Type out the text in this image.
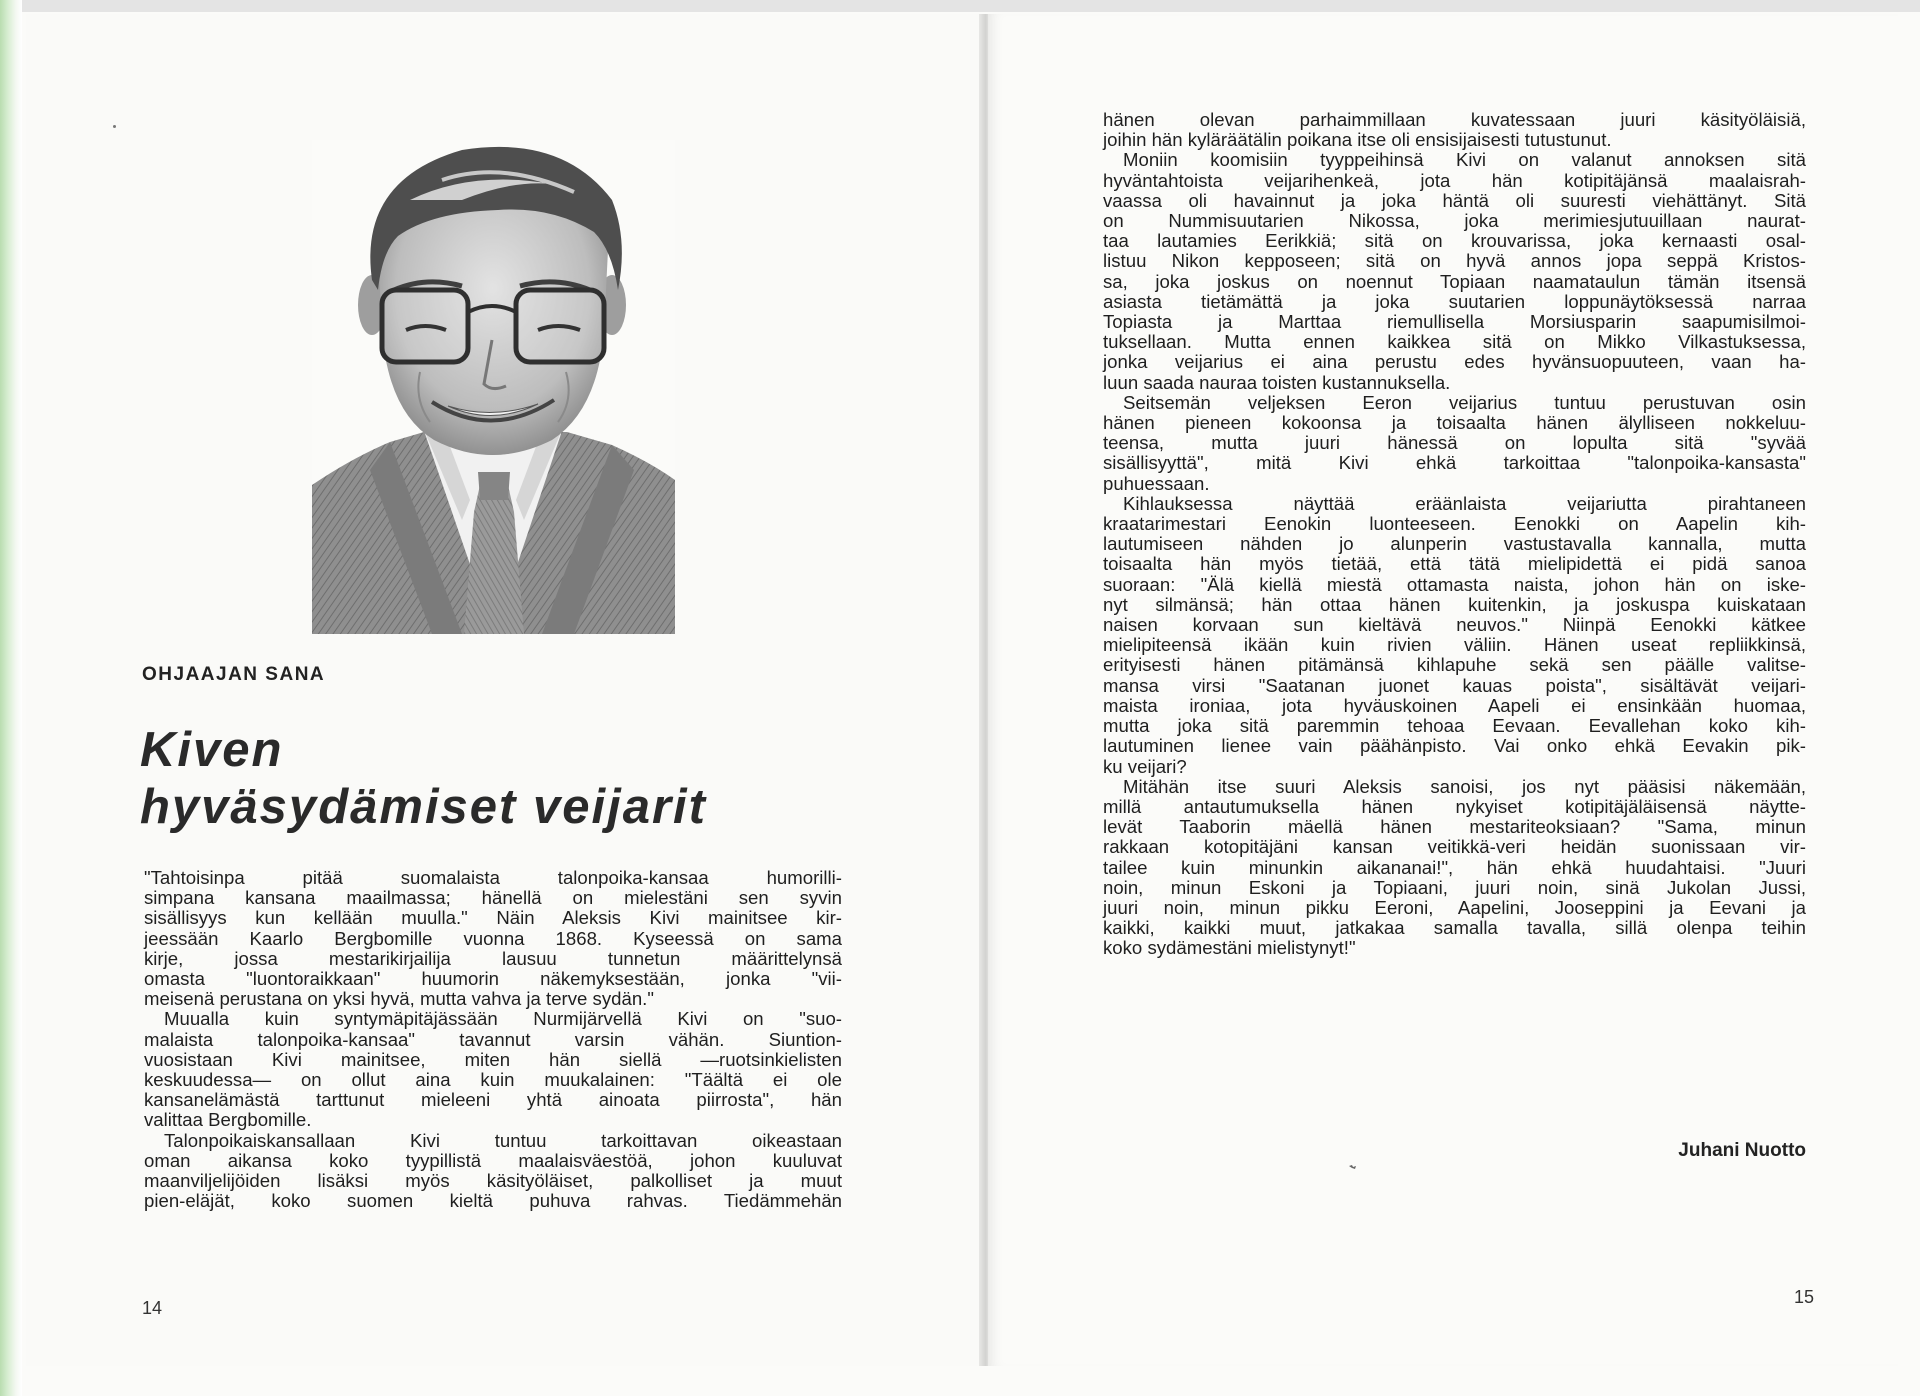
OHJAAJAN SANA

Kiven
hyväsydämiset veijarit

"Tahtoisinpa pitää suomalaista talonpoika-kansaa humorilli-

simpana kansana maailmassa; hänellä on mielestäni sen syvin

sisällisyys kun kellään muulla." Näin Aleksis Kivi mainitsee kir-

jeessään Kaarlo Bergbomille vuonna 1868. Kyseessä on sama

kirje, jossa mestarikirjailija lausuu tunnetun määrittelynsä

omasta "luontoraikkaan" huumorin näkemyksestään, jonka "vii-

meisenä perustana on yksi hyvä, mutta vahva ja terve sydän."

Muualla kuin syntymäpitäjässään Nurmijärvellä Kivi on "suo-

malaista talonpoika-kansaa" tavannut varsin vähän. Siuntion-

vuosistaan Kivi mainitsee, miten hän siellä —ruotsinkielisten

keskuudessa— on ollut aina kuin muukalainen: "Täältä ei ole

kansanelämästä tarttunut mieleeni yhtä ainoata piirrosta", hän

valittaa Bergbomille.

Talonpoikaiskansallaan Kivi tuntuu tarkoittavan oikeastaan

oman aikansa koko tyypillistä maalaisväestöä, johon kuuluvat

maanviljelijöiden lisäksi myös käsityöläiset, palkolliset ja muut

pien-eläjät, koko suomen kieltä puhuva rahvas. Tiedämmehän

14

hänen olevan parhaimmillaan kuvatessaan juuri käsityöläisiä,

joihin hän kyläräätälin poikana itse oli ensisijaisesti tutustunut.

Moniin koomisiin tyyppeihinsä Kivi on valanut annoksen sitä

hyväntahtoista veijarihenkeä, jota hän kotipitäjänsä maalaisrah-

vaassa oli havainnut ja joka häntä oli suuresti viehättänyt. Sitä

on Nummisuutarien Nikossa, joka merimiesjutuuillaan naurat-

taa lautamies Eerikkiä; sitä on krouvarissa, joka kernaasti osal-

listuu Nikon kepposeen; sitä on hyvä annos jopa seppä Kristos-

sa, joka joskus on noennut Topiaan naamataulun tämän itsensä

asiasta tietämättä ja joka suutarien loppunäytöksessä narraa

Topiasta ja Marttaa riemullisella Morsiusparin saapumisilmoi-

tuksellaan. Mutta ennen kaikkea sitä on Mikko Vilkastuksessa,

jonka veijarius ei aina perustu edes hyvänsuopuuteen, vaan ha-

luun saada nauraa toisten kustannuksella.

Seitsemän veljeksen Eeron veijarius tuntuu perustuvan osin

hänen pieneen kokoonsa ja toisaalta hänen älylliseen nokkeluu-

teensa, mutta juuri hänessä on lopulta sitä "syvää

sisällisyyttä", mitä Kivi ehkä tarkoittaa "talonpoika-kansasta"

puhuessaan.

Kihlauksessa näyttää eräänlaista veijariutta pirahtaneen

kraatarimestari Eenokin luonteeseen. Eenokki on Aapelin kih-

lautumiseen nähden jo alunperin vastustavalla kannalla, mutta

toisaalta hän myös tietää, että tätä mielipidettä ei pidä sanoa

suoraan: "Älä kiellä miestä ottamasta naista, johon hän on iske-

nyt silmänsä; hän ottaa hänen kuitenkin, ja joskuspa kuiskataan

naisen korvaan sun kieltävä neuvos." Niinpä Eenokki kätkee

mielipiteensä ikään kuin rivien väliin. Hänen useat repliikkinsä,

erityisesti hänen pitämänsä kihlapuhe sekä sen päälle valitse-

mansa virsi "Saatanan juonet kauas poista", sisältävät veijari-

maista ironiaa, jota hyväuskoinen Aapeli ei ensinkään huomaa,

mutta joka sitä paremmin tehoaa Eevaan. Eevallehan koko kih-

lautuminen lienee vain päähänpisto. Vai onko ehkä Eevakin pik-

ku veijari?

Mitähän itse suuri Aleksis sanoisi, jos nyt pääsisi näkemään,

millä antautumuksella hänen nykyiset kotipitäjäläisensä näytte-

levät Taaborin mäellä hänen mestariteoksiaan? "Sama, minun

rakkaan kotopitäjäni kansan veitikkä-veri heidän suonissaan vir-

tailee kuin minunkin aikananai!", hän ehkä huudahtaisi. "Juuri

noin, minun Eskoni ja Topiaani, juuri noin, sinä Jukolan Jussi,

juuri noin, minun pikku Eeroni, Aapelini, Jooseppini ja Eevani ja

kaikki, kaikki muut, jatkakaa samalla tavalla, sillä olenpa teihin

koko sydämestäni mielistynyt!"

Juhani Nuotto

15
